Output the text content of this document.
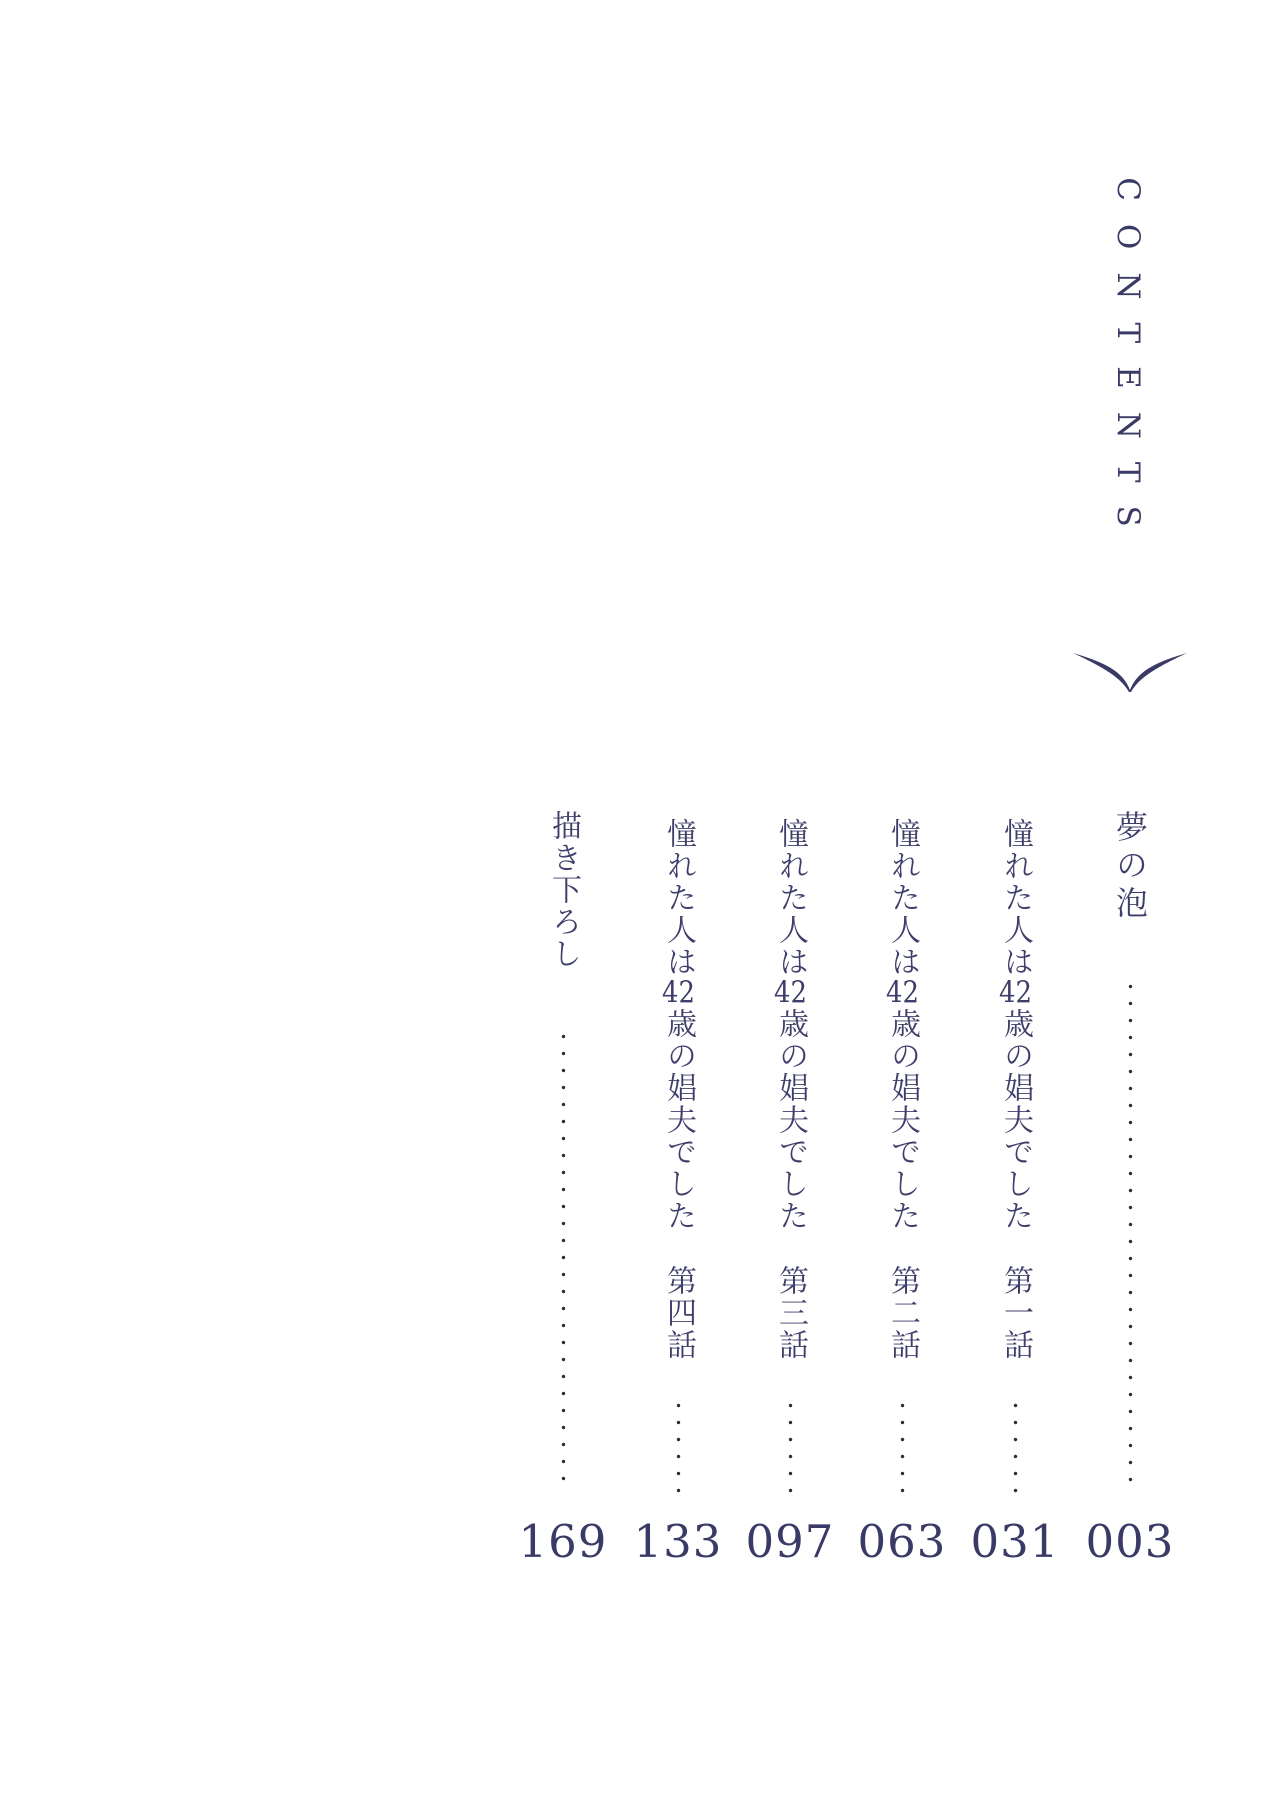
CONTENTS
夢の泡
003
憧れた人は42歳の娼夫でした
第一話
031
憧れた人は42歳の娼夫でした
第二話
063
憧れた人は42歳の娼夫でした
第三話
097
憧れた人は42歳の娼夫でした
第四話
133
描き下ろし
169
